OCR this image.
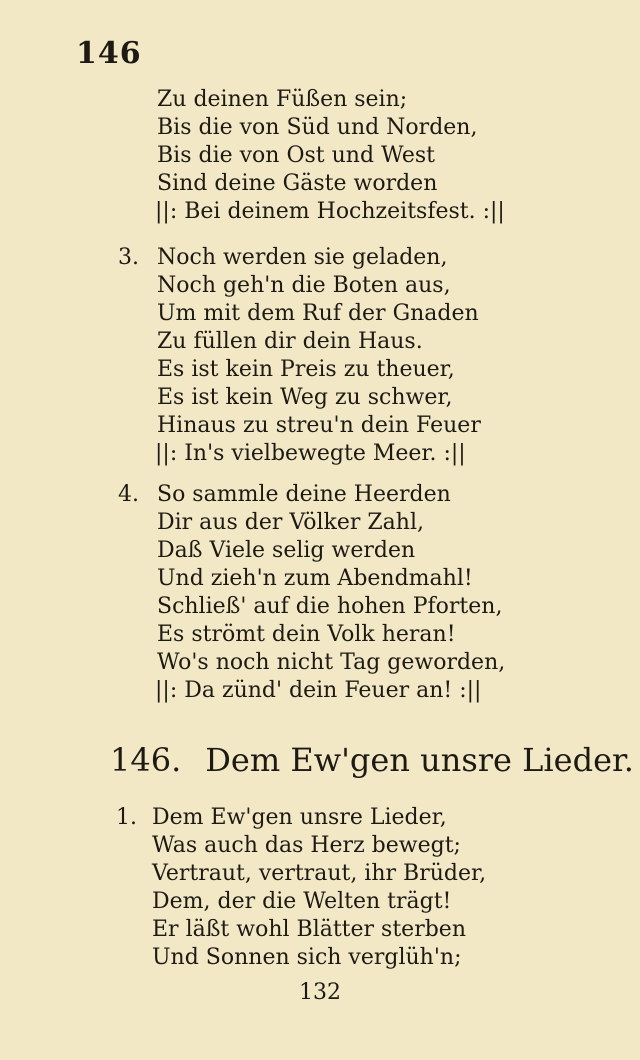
146
Zu deinen Füßen sein;
Bis die von Süd und Norden,
Bis die von Ost und West
Sind deine Gäste worden
||: Bei deinem Hochzeitsfest. :||
3. Noch werden sie geladen,
Noch geh'n die Boten aus,
Um mit dem Ruf der Gnaden
Zu füllen dir dein Haus.
Es ist kein Preis zu theuer,
Es ist kein Weg zu schwer,
Hinaus zu streu'n dein Feuer
||: In's vielbewegte Meer. :||
4. So sammle deine Heerden
Dir aus der Völker Zahl,
Daß Viele selig werden
Und zieh'n zum Abendmahl!
Schließ' auf die hohen Pforten,
Es strömt dein Volk heran!
Wo's noch nicht Tag geworden,
||: Da zünd' dein Feuer an! :||
146. Dem Ew'gen unsre Lieder.
1. Dem Ew'gen unsre Lieder,
Was auch das Herz bewegt;
Vertraut, vertraut, ihr Brüder,
Dem, der die Welten trägt!
Er läßt wohl Blätter sterben
Und Sonnen sich verglüh'n;
132
